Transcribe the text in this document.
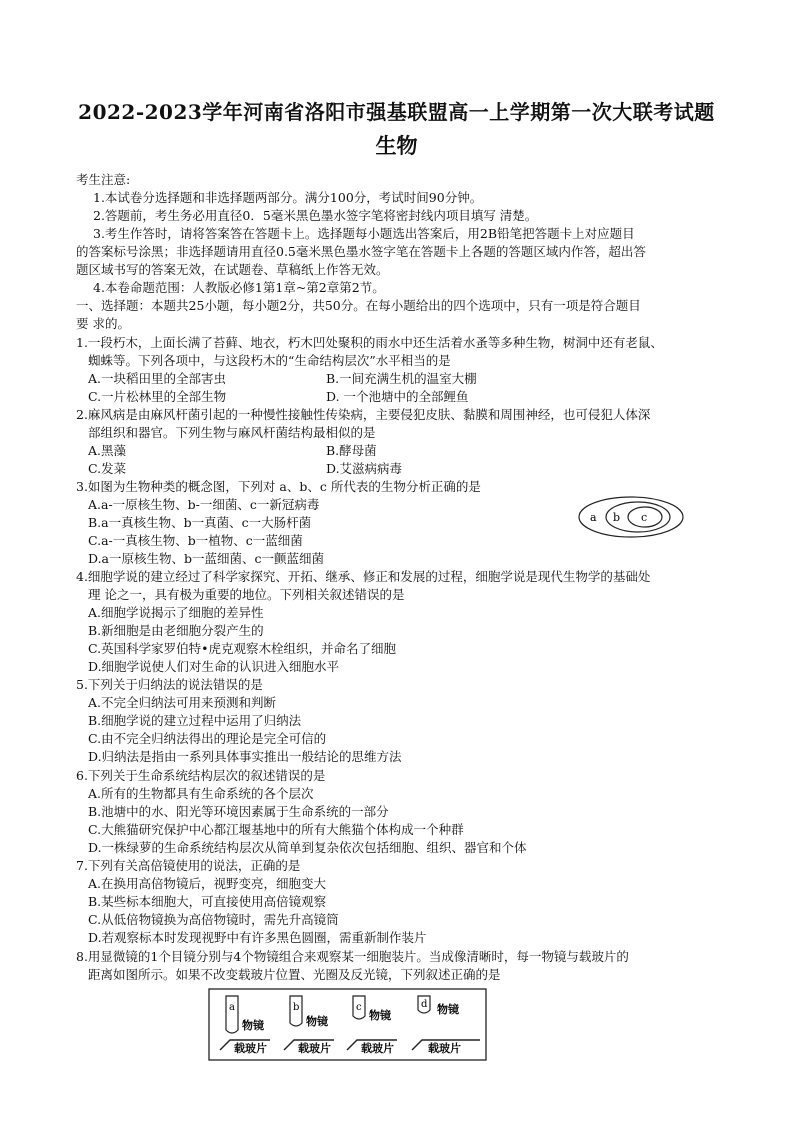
2022-2023学年河南省洛阳市强基联盟高一上学期第一次大联考试题
生物
考生注意:
1.本试卷分选择题和非选择题两部分。满分100分，考试时间90分钟。
2.答题前，考生务必用直径0．5毫米黑色墨水签字笔将密封线内项目填写 清楚。
3.考生作答时，请将答案答在答题卡上。选择题每小题选出答案后，用2B铅笔把答题卡上对应题目
的答案标号涂黑；非选择题请用直径0.5毫米黑色墨水签字笔在答题卡上各题的答题区域内作答，超出答
题区域书写的答案无效，在试题卷、草稿纸上作答无效。
4.本卷命题范围：人教版必修1第1章~第2章第2节。
一、选择题：本题共25小题，每小题2分，共50分。在每小题给出的四个选项中，只有一项是符合题目
要 求的。
1.一段朽木，上面长满了苔藓、地衣，朽木凹处聚积的雨水中还生活着水蚤等多种生物，树洞中还有老鼠、
蜘蛛等。下列各项中，与这段朽木的“生命结构层次”水平相当的是
A.一块稻田里的全部害虫	B.一间充满生机的温室大棚
C.一片松林里的全部生物	D. 一个池塘中的全部鲤鱼
2.麻风病是由麻风杆菌引起的一种慢性接触性传染病，主要侵犯皮肤、黏膜和周围神经，也可侵犯人体深
部组织和器官。下列生物与麻风杆菌结构最相似的是
A.黑藻	B.酵母菌
C.发菜	D.艾滋病病毒
3.如图为生物种类的概念图，下列对 a、b、c 所代表的生物分析正确的是
A.a-一原核生物、b-一细菌、c一新冠病毒
B.a一真核生物、b一真菌、c一大肠杆菌
C.a-一真核生物、b一植物、c一蓝细菌
D.a一原核生物、b一蓝细菌、c一颤蓝细菌
a b c
4.细胞学说的建立经过了科学家探究、开拓、继承、修正和发展的过程，细胞学说是现代生物学的基础处
理 论之一，具有极为重要的地位。下列相关叙述错误的是
A.细胞学说揭示了细胞的差异性
B.新细胞是由老细胞分裂产生的
C.英国科学家罗伯特•虎克观察木栓组织，并命名了细胞
D.细胞学说使人们对生命的认识进入细胞水平
5.下列关于归纳法的说法错误的是
A.不完全归纳法可用来预测和判断
B.细胞学说的建立过程中运用了归纳法
C.由不完全归纳法得出的理论是完全可信的
D.归纳法是指由一系列具体事实推出一般结论的思维方法
6.下列关于生命系统结构层次的叙述错误的是
A.所有的生物都具有生命系统的各个层次
B.池塘中的水、阳光等环境因素属于生命系统的一部分
C.大熊猫研究保护中心都江堰基地中的所有大熊猫个体构成一个种群
D.一株绿萝的生命系统结构层次从简单到复杂依次包括细胞、组织、器官和个体
7.下列有关高倍镜使用的说法，正确的是
A.在换用高倍物镜后，视野变亮，细胞变大
B.某些标本细胞大，可直接使用高倍镜观察
C.从低倍物镜换为高倍物镜时，需先升高镜筒
D.若观察标本时发现视野中有许多黑色圆圈，需重新制作装片
8.用显微镜的1个目镜分别与4个物镜组合来观察某一细胞装片。当成像清晰时，每一物镜与载玻片的
距离如图所示。如果不改变载玻片位置、光圈及反光镜，下列叙述正确的是
a
物镜
载玻片
b
物镜
载玻片
c
物镜
载玻片
d 物镜
载玻片
